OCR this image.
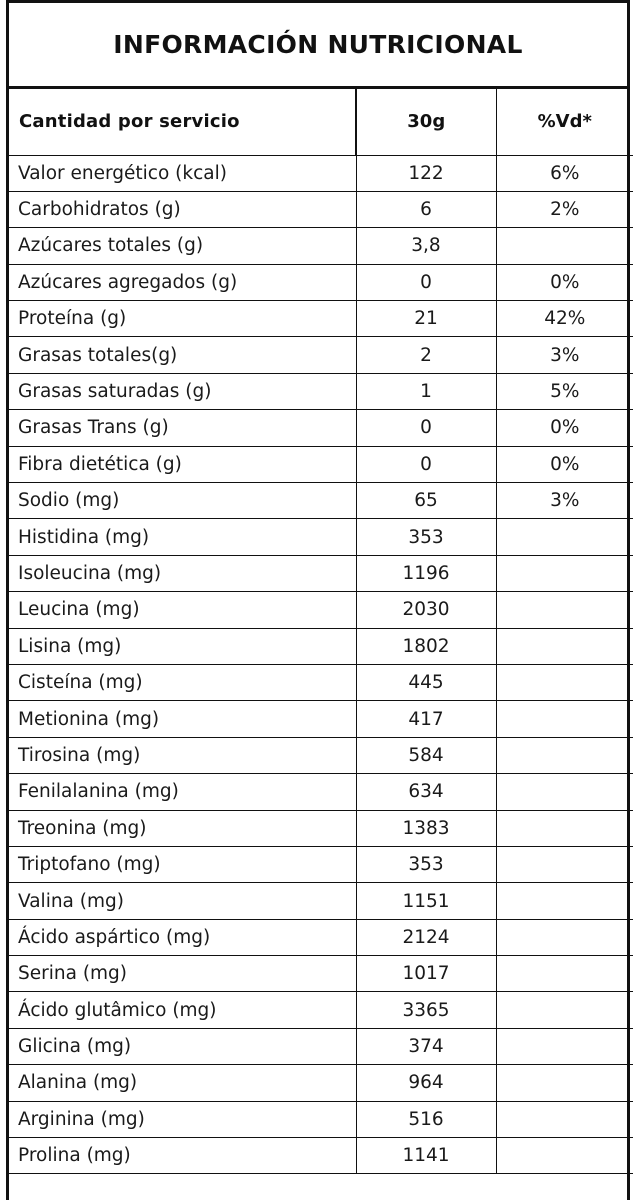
INFORMACIÓN NUTRICIONAL
Cantidad por servicio	30g	%Vd*
Valor energético (kcal)	122	6%
Carbohidratos (g)	6	2%
Azúcares totales (g)	3,8	
Azúcares agregados (g)	0	0%
Proteína (g)	21	42%
Grasas totales(g)	2	3%
Grasas saturadas (g)	1	5%
Grasas Trans (g)	0	0%
Fibra dietética (g)	0	0%
Sodio (mg)	65	3%
Histidina (mg)	353	
Isoleucina (mg)	1196	
Leucina (mg)	2030	
Lisina (mg)	1802	
Cisteína (mg)	445	
Metionina (mg)	417	
Tirosina (mg)	584	
Fenilalanina (mg)	634	
Treonina (mg)	1383	
Triptofano (mg)	353	
Valina (mg)	1151	
Ácido aspártico (mg)	2124	
Serina (mg)	1017	
Ácido glutâmico (mg)	3365	
Glicina (mg)	374	
Alanina (mg)	964	
Arginina (mg)	516	
Prolina (mg)	1141	
